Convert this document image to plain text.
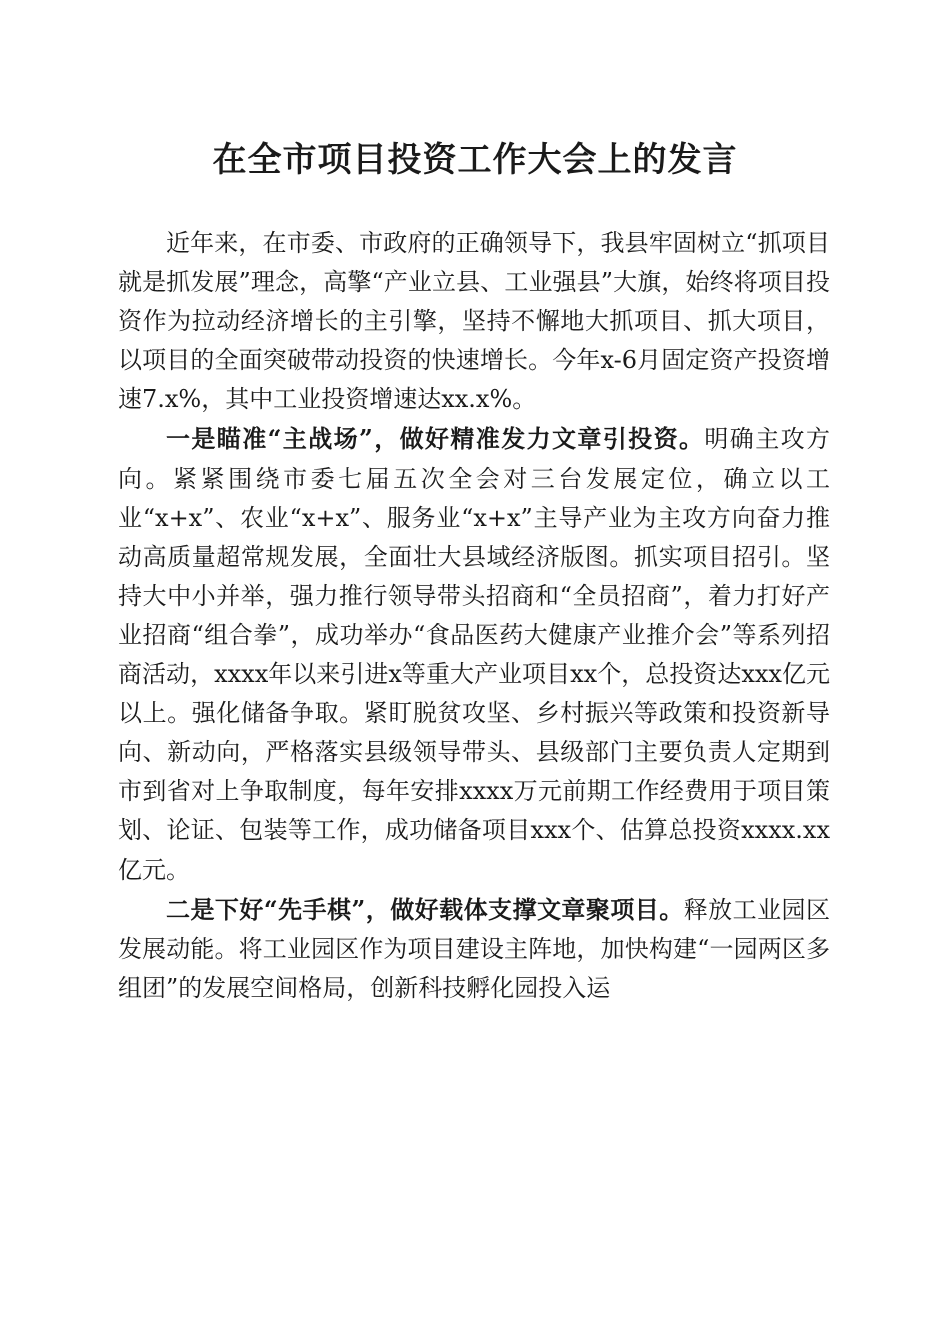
在全市项目投资工作大会上的发言

近年来，在市委、市政府的正确领导下，我县牢固树立“抓项目就是抓发展”理念，高擎“产业立县、工业强县”大旗，始终将项目投资作为拉动经济增长的主引擎，坚持不懈地大抓项目、抓大项目，以项目的全面突破带动投资的快速增长。今年x-6月固定资产投资增速7.x%，其中工业投资增速达xx.x%。

一是瞄准“主战场”，做好精准发力文章引投资。明确主攻方向。紧紧围绕市委七届五次全会对三台发展定位，确立以工业“x+x”、农业“x+x”、服务业“x+x”主导产业为主攻方向奋力推动高质量超常规发展，全面壮大县域经济版图。抓实项目招引。坚持大中小并举，强力推行领导带头招商和“全员招商”，着力打好产业招商“组合拳”，成功举办“食品医药大健康产业推介会”等系列招商活动，xxxx年以来引进x等重大产业项目xx个，总投资达xxx亿元以上。强化储备争取。紧盯脱贫攻坚、乡村振兴等政策和投资新导向、新动向，严格落实县级领导带头、县级部门主要负责人定期到市到省对上争取制度，每年安排xxxx万元前期工作经费用于项目策划、论证、包装等工作，成功储备项目xxx个、估算总投资xxxx.xx亿元。

二是下好“先手棋”，做好载体支撑文章聚项目。释放工业园区发展动能。将工业园区作为项目建设主阵地，加快构建“一园两区多组团”的发展空间格局，创新科技孵化园投入运
